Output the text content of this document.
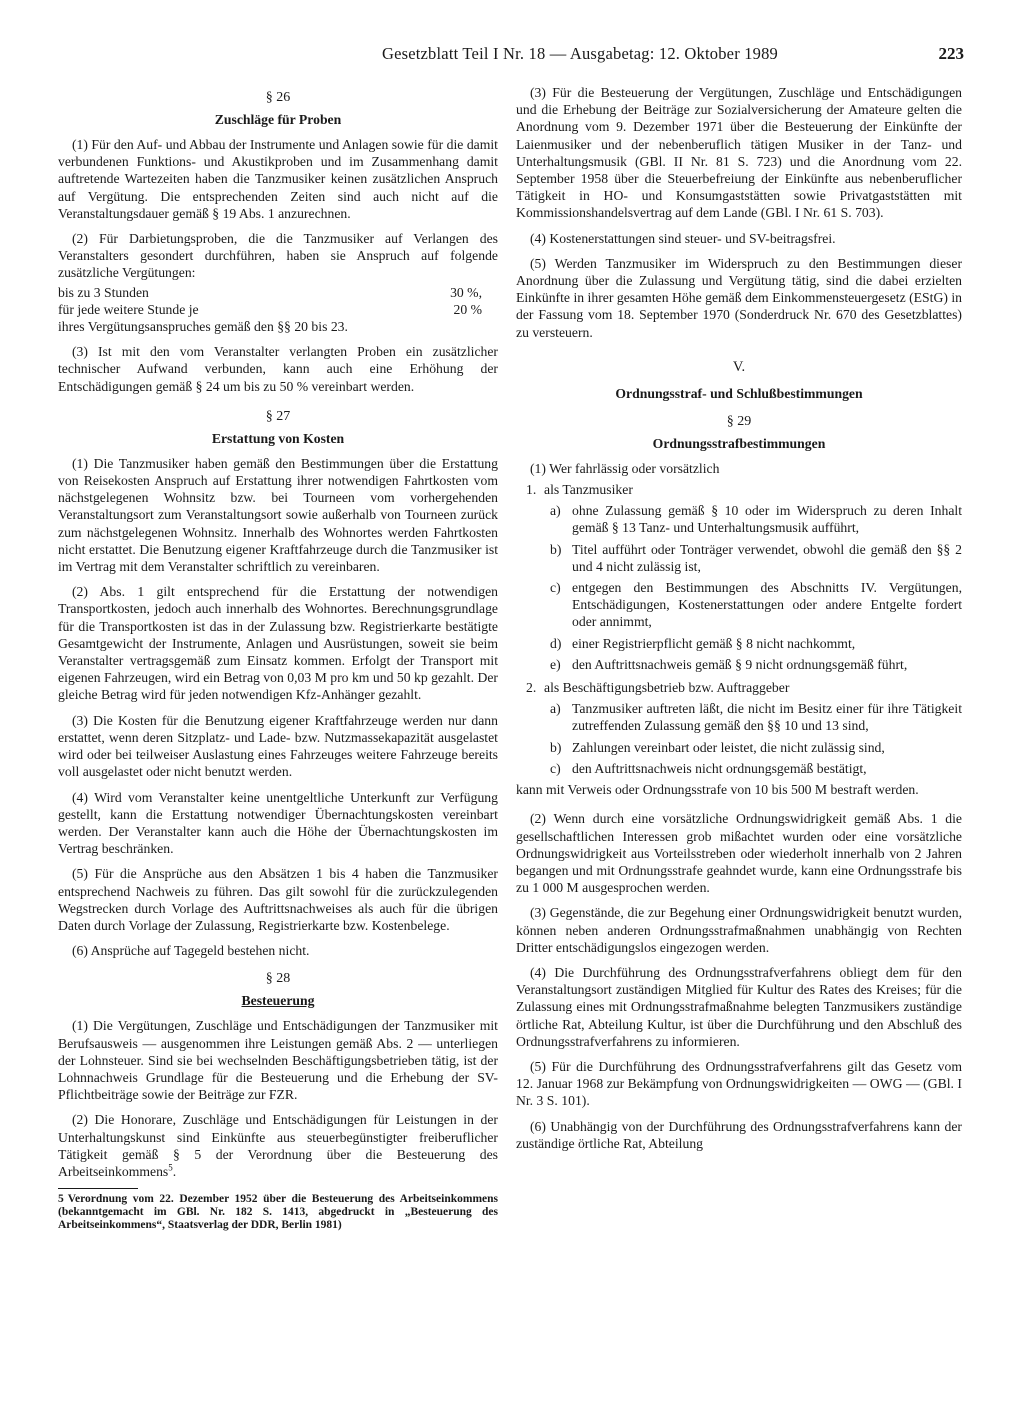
Gesetzblatt Teil I Nr. 18 — Ausgabetag: 12. Oktober 1989	223
§ 26
Zuschläge für Proben

(1) Für den Auf- und Abbau der Instrumente und Anlagen sowie für die damit verbundenen Funktions- und Akustikproben und im Zusammenhang damit auftretende Wartezeiten haben die Tanzmusiker keinen zusätzlichen Anspruch auf Vergütung. Die entsprechenden Zeiten sind auch nicht auf die Veranstaltungsdauer gemäß § 19 Abs. 1 anzurechnen.

(2) Für Darbietungsproben, die die Tanzmusiker auf Verlangen des Veranstalters gesondert durchführen, haben sie Anspruch auf folgende zusätzliche Vergütungen:

bis zu 3 Stunden	30 %,
für jede weitere Stunde je	20 %
ihres Vergütungsanspruches gemäß den §§ 20 bis 23.

(3) Ist mit den vom Veranstalter verlangten Proben ein zusätzlicher technischer Aufwand verbunden, kann auch eine Erhöhung der Entschädigungen gemäß § 24 um bis zu 50 % vereinbart werden.

§ 27
Erstattung von Kosten

(1) Die Tanzmusiker haben gemäß den Bestimmungen über die Erstattung von Reisekosten Anspruch auf Erstattung ihrer notwendigen Fahrtkosten vom nächstgelegenen Wohnsitz bzw. bei Tourneen vom vorhergehenden Veranstaltungsort zum Veranstaltungsort sowie außerhalb von Tourneen zurück zum nächstgelegenen Wohnsitz. Innerhalb des Wohnortes werden Fahrtkosten nicht erstattet. Die Benutzung eigener Kraftfahrzeuge durch die Tanzmusiker ist im Vertrag mit dem Veranstalter schriftlich zu vereinbaren.

(2) Abs. 1 gilt entsprechend für die Erstattung der notwendigen Transportkosten, jedoch auch innerhalb des Wohnortes. Berechnungsgrundlage für die Transportkosten ist das in der Zulassung bzw. Registrierkarte bestätigte Gesamtgewicht der Instrumente, Anlagen und Ausrüstungen, soweit sie beim Veranstalter vertragsgemäß zum Einsatz kommen. Erfolgt der Transport mit eigenen Fahrzeugen, wird ein Betrag von 0,03 M pro km und 50 kp gezahlt. Der gleiche Betrag wird für jeden notwendigen Kfz-Anhänger gezahlt.

(3) Die Kosten für die Benutzung eigener Kraftfahrzeuge werden nur dann erstattet, wenn deren Sitzplatz- und Lade- bzw. Nutzmassekapazität ausgelastet wird oder bei teilweiser Auslastung eines Fahrzeuges weitere Fahrzeuge bereits voll ausgelastet oder nicht benutzt werden.

(4) Wird vom Veranstalter keine unentgeltliche Unterkunft zur Verfügung gestellt, kann die Erstattung notwendiger Übernachtungskosten vereinbart werden. Der Veranstalter kann auch die Höhe der Übernachtungskosten im Vertrag beschränken.

(5) Für die Ansprüche aus den Absätzen 1 bis 4 haben die Tanzmusiker entsprechend Nachweis zu führen. Das gilt sowohl für die zurückzulegenden Wegstrecken durch Vorlage des Auftrittsnachweises als auch für die übrigen Daten durch Vorlage der Zulassung, Registrierkarte bzw. Kostenbelege.

(6) Ansprüche auf Tagegeld bestehen nicht.

§ 28
Besteuerung

(1) Die Vergütungen, Zuschläge und Entschädigungen der Tanzmusiker mit Berufsausweis — ausgenommen ihre Leistungen gemäß Abs. 2 — unterliegen der Lohnsteuer. Sind sie bei wechselnden Beschäftigungsbetrieben tätig, ist der Lohnnachweis Grundlage für die Besteuerung und die Erhebung der SV-Pflichtbeiträge sowie der Beiträge zur FZR.

(2) Die Honorare, Zuschläge und Entschädigungen für Leistungen in der Unterhaltungskunst sind Einkünfte aus steuerbegünstigter freiberuflicher Tätigkeit gemäß § 5 der Verordnung über die Besteuerung des Arbeitseinkommens$^5$.

5 Verordnung vom 22. Dezember 1952 über die Besteuerung des Arbeitseinkommens (bekanntgemacht im GBl. Nr. 182 S. 1413, abgedruckt in „Besteuerung des Arbeitseinkommens“, Staatsverlag der DDR, Berlin 1981)

(3) Für die Besteuerung der Vergütungen, Zuschläge und Entschädigungen und die Erhebung der Beiträge zur Sozialversicherung der Amateure gelten die Anordnung vom 9. Dezember 1971 über die Besteuerung der Einkünfte der Laienmusiker und der nebenberuflich tätigen Musiker in der Tanz- und Unterhaltungsmusik (GBl. II Nr. 81 S. 723) und die Anordnung vom 22. September 1958 über die Steuerbefreiung der Einkünfte aus nebenberuflicher Tätigkeit in HO- und Konsumgaststätten sowie Privatgaststätten mit Kommissionshandelsvertrag auf dem Lande (GBl. I Nr. 61 S. 703).

(4) Kostenerstattungen sind steuer- und SV-beitragsfrei.

(5) Werden Tanzmusiker im Widerspruch zu den Bestimmungen dieser Anordnung über die Zulassung und Vergütung tätig, sind die dabei erzielten Einkünfte in ihrer gesamten Höhe gemäß dem Einkommensteuergesetz (EStG) in der Fassung vom 18. September 1970 (Sonderdruck Nr. 670 des Gesetzblattes) zu versteuern.

V.
Ordnungsstraf- und Schlußbestimmungen
§ 29
Ordnungsstrafbestimmungen

(1) Wer fahrlässig oder vorsätzlich

1. als Tanzmusiker
a) ohne Zulassung gemäß § 10 oder im Widerspruch zu deren Inhalt gemäß § 13 Tanz- und Unterhaltungsmusik aufführt,
b) Titel aufführt oder Tonträger verwendet, obwohl die gemäß den §§ 2 und 4 nicht zulässig ist,
c) entgegen den Bestimmungen des Abschnitts IV. Vergütungen, Entschädigungen, Kostenerstattungen oder andere Entgelte fordert oder annimmt,
d) einer Registrierpflicht gemäß § 8 nicht nachkommt,
e) den Auftrittsnachweis gemäß § 9 nicht ordnungsgemäß führt,
2. als Beschäftigungsbetrieb bzw. Auftraggeber
a) Tanzmusiker auftreten läßt, die nicht im Besitz einer für ihre Tätigkeit zutreffenden Zulassung gemäß den §§ 10 und 13 sind,
b) Zahlungen vereinbart oder leistet, die nicht zulässig sind,
c) den Auftrittsnachweis nicht ordnungsgemäß bestätigt,

kann mit Verweis oder Ordnungsstrafe von 10 bis 500 M bestraft werden.

(2) Wenn durch eine vorsätzliche Ordnungswidrigkeit gemäß Abs. 1 die gesellschaftlichen Interessen grob mißachtet wurden oder eine vorsätzliche Ordnungswidrigkeit aus Vorteilsstreben oder wiederholt innerhalb von 2 Jahren begangen und mit Ordnungsstrafe geahndet wurde, kann eine Ordnungsstrafe bis zu 1 000 M ausgesprochen werden.

(3) Gegenstände, die zur Begehung einer Ordnungswidrigkeit benutzt wurden, können neben anderen Ordnungsstrafmaßnahmen unabhängig von Rechten Dritter entschädigungslos eingezogen werden.

(4) Die Durchführung des Ordnungsstrafverfahrens obliegt dem für den Veranstaltungsort zuständigen Mitglied für Kultur des Rates des Kreises; für die Zulassung eines mit Ordnungsstrafmaßnahme belegten Tanzmusikers zuständige örtliche Rat, Abteilung Kultur, ist über die Durchführung und den Abschluß des Ordnungsstrafverfahrens zu informieren.

(5) Für die Durchführung des Ordnungsstrafverfahrens gilt das Gesetz vom 12. Januar 1968 zur Bekämpfung von Ordnungswidrigkeiten — OWG — (GBl. I Nr. 3 S. 101).

(6) Unabhängig von der Durchführung des Ordnungsstrafverfahrens kann der zuständige örtliche Rat, Abteilung
